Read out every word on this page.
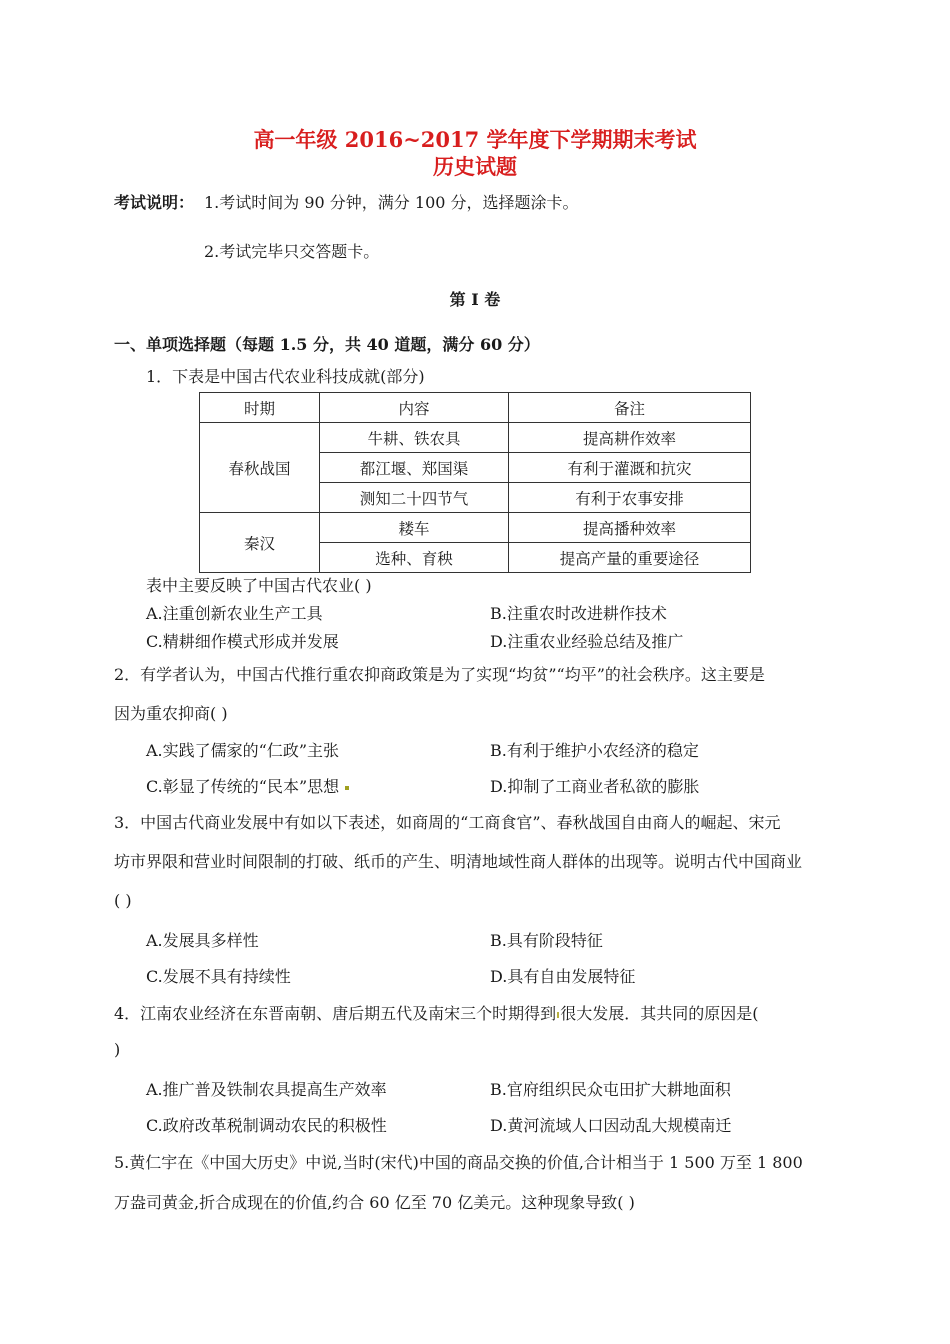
高一年级 2016~2017 学年度下学期期末考试
历史试题
考试说明： 1.考试时间为 90 分钟，满分 100 分，选择题涂卡。
2.考试完毕只交答题卡。
第 I 卷
一、单项选择题（每题 1.5 分，共 40 道题，满分 60 分）
1．下表是中国古代农业科技成就(部分)
时期	内容	备注
春秋战国	牛耕、铁农具	提高耕作效率
	都江堰、郑国渠	有利于灌溉和抗灾
	测知二十四节气	有利于农事安排
秦汉	耧车	提高播种效率
	选种、育秧	提高产量的重要途径
表中主要反映了中国古代农业( )
A.注重创新农业生产工具	B.注重农时改进耕作技术
C.精耕细作模式形成并发展	D.注重农业经验总结及推广
2．有学者认为，中国古代推行重农抑商政策是为了实现“均贫”“均平”的社会秩序。这主要是
因为重农抑商( )
A.实践了儒家的“仁政”主张	B.有利于维护小农经济的稳定
C.彰显了传统的“民本”思想	D.抑制了工商业者私欲的膨胀
3．中国古代商业发展中有如以下表述，如商周的“工商食官”、春秋战国自由商人的崛起、宋元
坊市界限和营业时间限制的打破、纸币的产生、明清地域性商人群体的出现等。说明古代中国商业
( )
A.发展具多样性	B.具有阶段特征
C.发展不具有持续性	D.具有自由发展特征
4．江南农业经济在东晋南朝、唐后期五代及南宋三个时期得到 很大发展．其共同的原因是(
)
A.推广普及铁制农具提高生产效率	B.官府组织民众屯田扩大耕地面积
C.政府改革税制调动农民的积极性	D.黄河流域人口因动乱大规模南迁
5.黄仁宇在《中国大历史》中说,当时(宋代)中国的商品交换的价值,合计相当于 1 500 万至 1 800
万盎司黄金,折合成现在的价值,约合 60 亿至 70 亿美元。这种现象导致( )
